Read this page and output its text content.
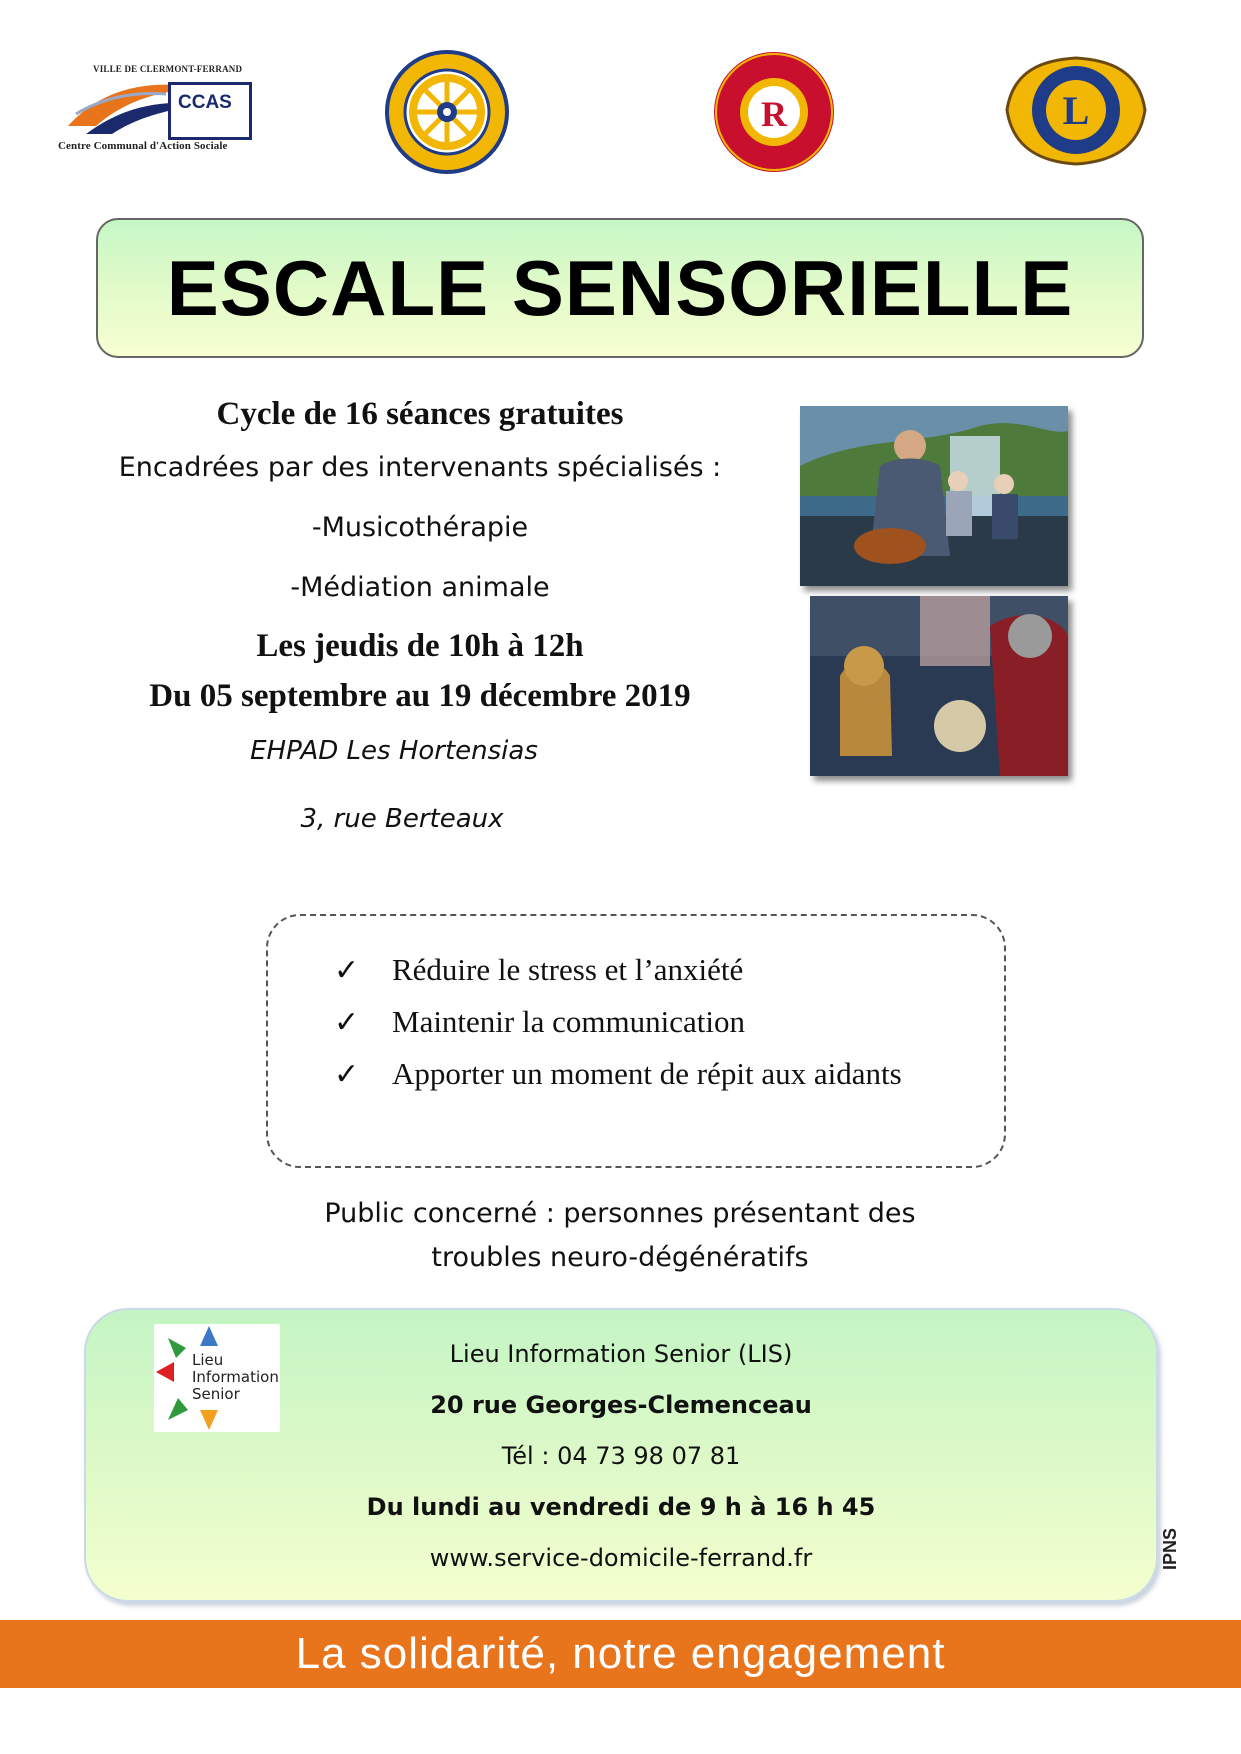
VILLE DE CLERMONT-FERRAND
CCAS
Centre Communal d'Action Sociale
R	L
ESCALE SENSORIELLE
Cycle de 16 séances gratuites
Encadrées par des intervenants spécialisés :
-Musicothérapie
-Médiation animale
Les jeudis de 10h à 12h
Du 05 septembre au 19 décembre 2019
EHPAD Les Hortensias
3, rue Berteaux
✓ Réduire le stress et l’anxiété
✓ Maintenir la communication
✓ Apporter un moment de répit aux aidants
Public concerné : personnes présentant des
troubles neuro-dégénératifs
Lieu
Information
Senior
Lieu Information Senior (LIS)
20 rue Georges-Clemenceau
Tél : 04 73 98 07 81
Du lundi au vendredi de 9 h à 16 h 45
www.service-domicile-ferrand.fr	IPNS
La solidarité, notre engagement
